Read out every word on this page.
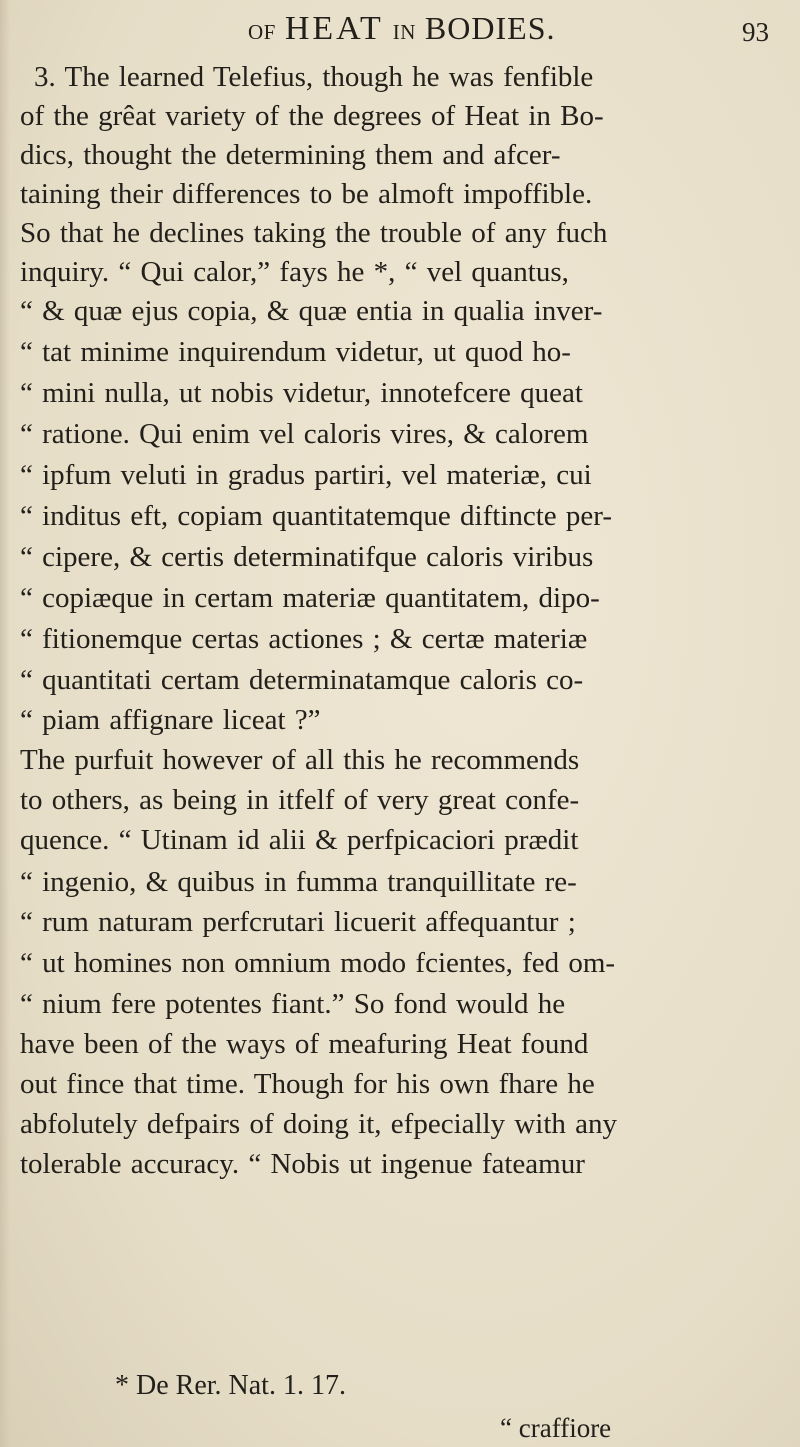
OF HEAT IN BODIES.	93
3. The learned Telefius, though he was fenfible
of the grêat variety of the degrees of Heat in Bo-
dics, thought the determining them and afcer-
taining their differences to be almoft impoffible.
So that he declines taking the trouble of any fuch
inquiry. “ Qui calor,” fays he *, “ vel quantus,
“ & quæ ejus copia, & quæ entia in qualia inver-
“ tat minime inquirendum videtur, ut quod ho-
“ mini nulla, ut nobis videtur, innotefcere queat
“ ratione. Qui enim vel caloris vires, & calorem
“ ipfum veluti in gradus partiri, vel materiæ, cui
“ inditus eft, copiam quantitatemque diftincte per-
“ cipere, & certis determinatifque caloris viribus
“ copiæque in certam materiæ quantitatem, dipo-
“ fitionemque certas actiones ; & certæ materiæ
“ quantitati certam determinatamque caloris co-
“ piam affignare liceat ?”
The purfuit however of all this he recommends
to others, as being in itfelf of very great confe-
quence. “ Utinam id alii & perfpicaciori prædit
“ ingenio, & quibus in fumma tranquillitate re-
“ rum naturam perfcrutari licuerit affequantur ;
“ ut homines non omnium modo fcientes, fed om-
“ nium fere potentes fiant.” So fond would he
have been of the ways of meafuring Heat found
out fince that time. Though for his own fhare he
abfolutely defpairs of doing it, efpecially with any
tolerable accuracy. “ Nobis ut ingenue fateamur
* De Rer. Nat. 1. 17.
“ craffiore
